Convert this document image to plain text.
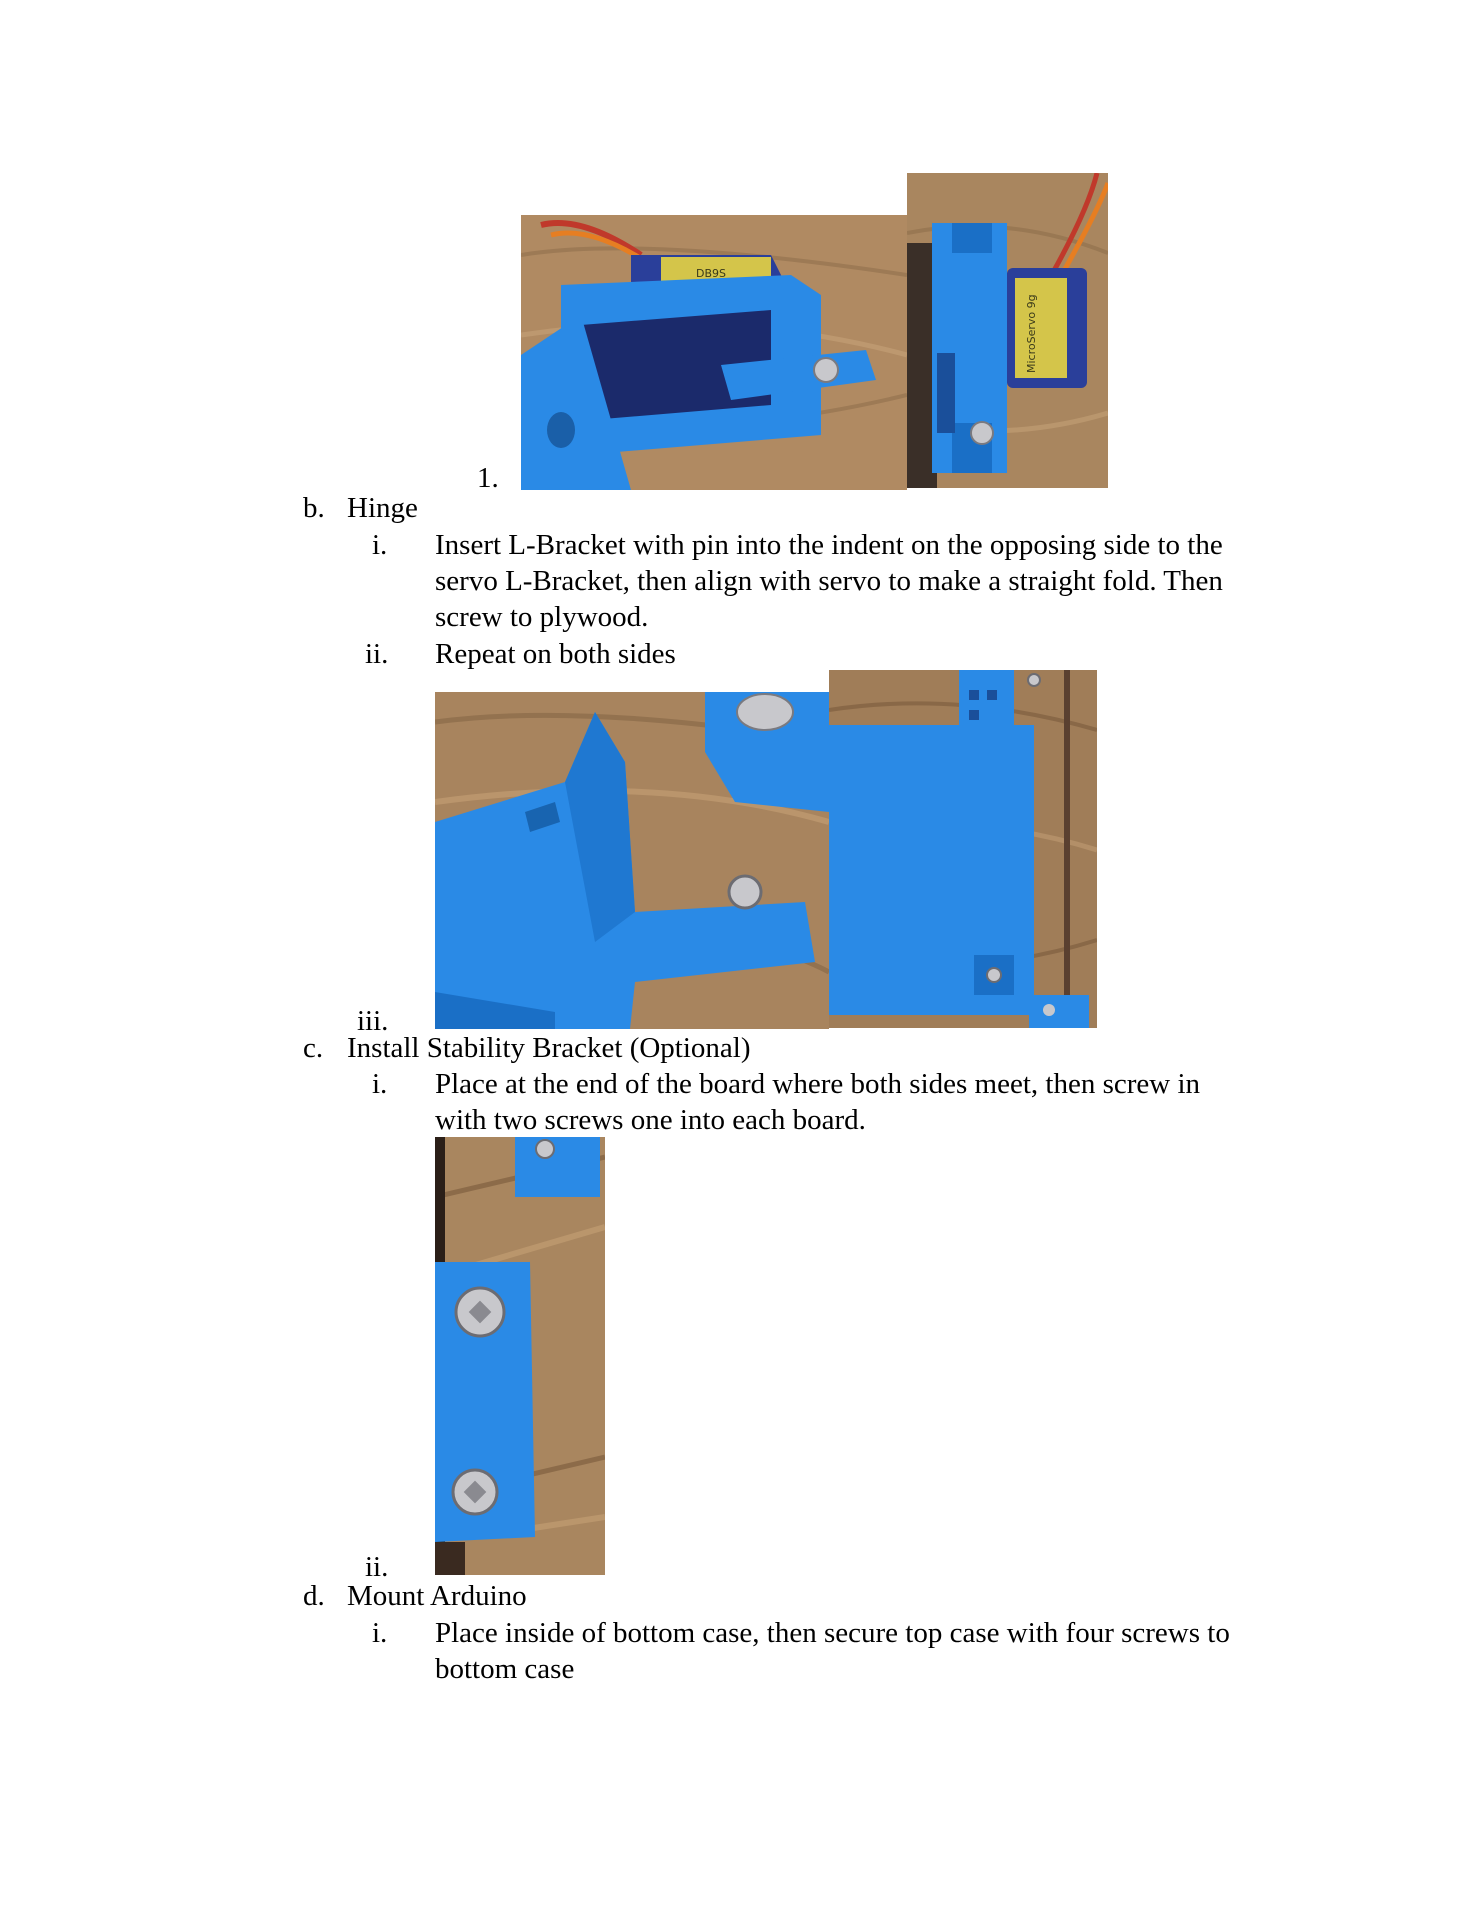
1.
DB9S
MicroServo 9g
b. Hinge
i. Insert L-Bracket with pin into the indent on the opposing side to the
servo L-Bracket, then align with servo to make a straight fold. Then
screw to plywood.
ii. Repeat on both sides
iii.
c. Install Stability Bracket (Optional)
i. Place at the end of the board where both sides meet, then screw in
with two screws one into each board.
ii.
d. Mount Arduino
i. Place inside of bottom case, then secure top case with four screws to
bottom case
